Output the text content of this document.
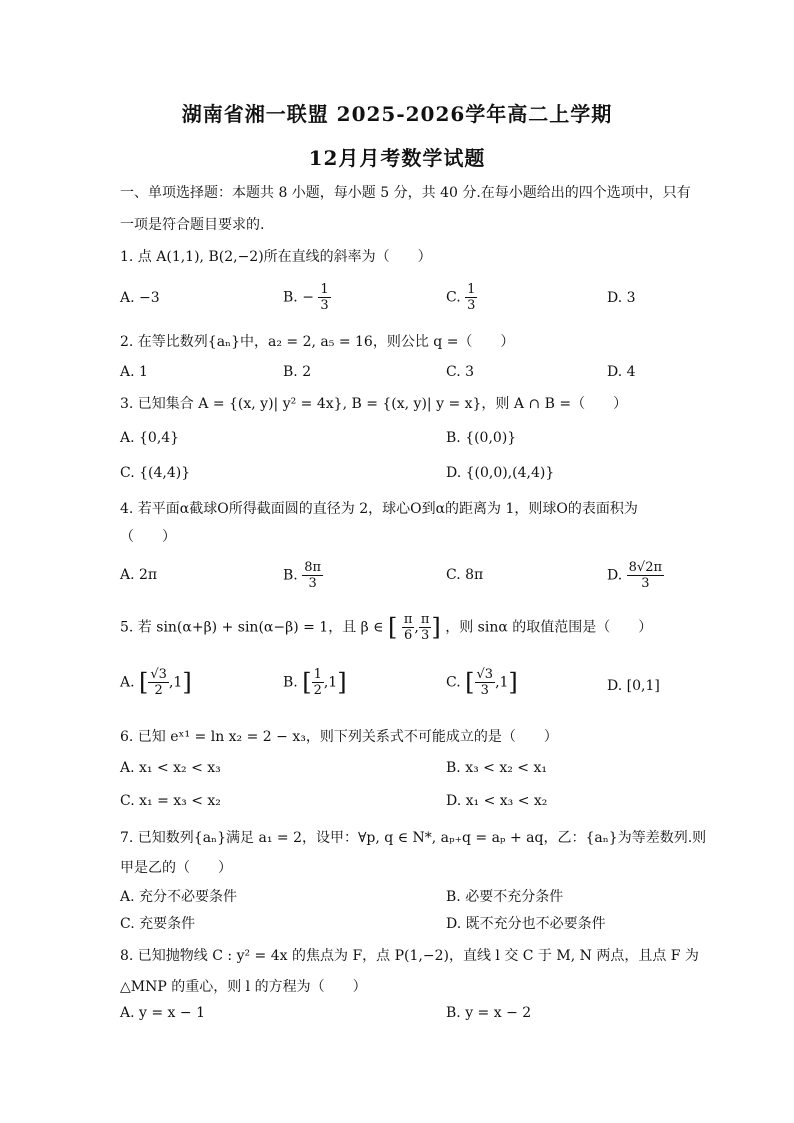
湖南省湘一联盟 2025-2026学年高二上学期
12月月考数学试题
一、单项选择题：本题共 8 小题，每小题 5 分，共 40 分.在每小题给出的四个选项中，只有
一项是符合题目要求的.
1. 点 A(1,1), B(2,−2)所在直线的斜率为（　　）
A. −3	B. − $\frac{1}{3}$	C. $\frac{1}{3}$	D. 3
2. 在等比数列{aₙ}中，a₂ = 2, a₅ = 16，则公比 q =（　　）
A. 1	B. 2	C. 3	D. 4
3. 已知集合 A = {(x, y)| y² = 4x}, B = {(x, y)| y = x}，则 A ∩ B =（　　）
A. {0,4}	B. {(0,0)}
C. {(4,4)}	D. {(0,0),(4,4)}
4. 若平面α截球O所得截面圆的直径为 2，球心O到α的距离为 1，则球O的表面积为
（　　）
A. 2π	B. $\frac{8\pi}{3}$	C. 8π	D. $\frac{8√2\pi}{3}$
5. 若 sin(α+β) + sin(α−β) = 1，且 β ∈ [ $\frac{\pi}{6}$ , $\frac{\pi}{3}$ ] ，则 sinα 的取值范围是（　　）
A. [ $\frac{√3}{2} ,1$]	B. [ $\frac{1}{2} ,1$]	C. [ $\frac{√3}{3} ,1$]	D. [0,1]
6. 已知 eˣ¹ = ln x₂ = 2 − x₃，则下列关系式不可能成立的是（　　）
A. x₁ < x₂ < x₃	B. x₃ < x₂ < x₁
C. x₁ = x₃ < x₂	D. x₁ < x₃ < x₂
7. 已知数列{aₙ}满足 a₁ = 2，设甲：∀p, q ∈ N*, aₚ₊q = aₚ + aq，乙：{aₙ}为等差数列.则
甲是乙的（　　）
A. 充分不必要条件	B. 必要不充分条件
C. 充要条件	D. 既不充分也不必要条件
8. 已知抛物线 C : y² = 4x 的焦点为 F，点 P(1,−2)，直线 l 交 C 于 M, N 两点，且点 F 为
△MNP 的重心，则 l 的方程为（　　）
A. y = x − 1	B. y = x − 2
